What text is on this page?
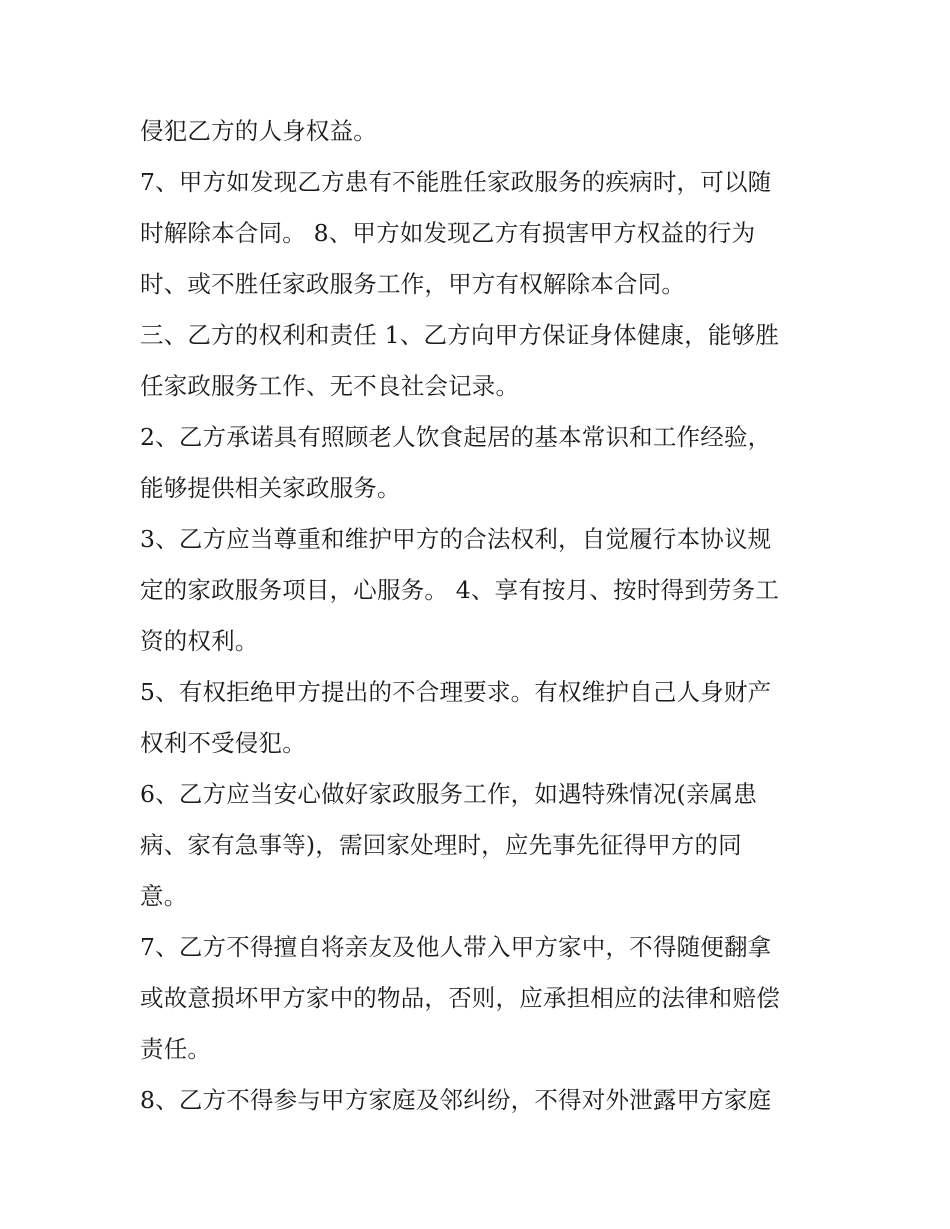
侵犯乙方的人身权益。
7、甲方如发现乙方患有不能胜任家政服务的疾病时，可以随
时解除本合同。 8、甲方如发现乙方有损害甲方权益的行为
时、或不胜任家政服务工作，甲方有权解除本合同。
三、乙方的权利和责任 1、乙方向甲方保证身体健康，能够胜
任家政服务工作、无不良社会记录。
2、乙方承诺具有照顾老人饮食起居的基本常识和工作经验，
能够提供相关家政服务。
3、乙方应当尊重和维护甲方的合法权利，自觉履行本协议规
定的家政服务项目，心服务。 4、享有按月、按时得到劳务工
资的权利。
5、有权拒绝甲方提出的不合理要求。有权维护自己人身财产
权利不受侵犯。
6、乙方应当安心做好家政服务工作，如遇特殊情况(亲属患
病、家有急事等)，需回家处理时，应先事先征得甲方的同
意。
7、乙方不得擅自将亲友及他人带入甲方家中，不得随便翻拿
或故意损坏甲方家中的物品，否则，应承担相应的法律和赔偿
责任。
8、乙方不得参与甲方家庭及邻纠纷，不得对外泄露甲方家庭
